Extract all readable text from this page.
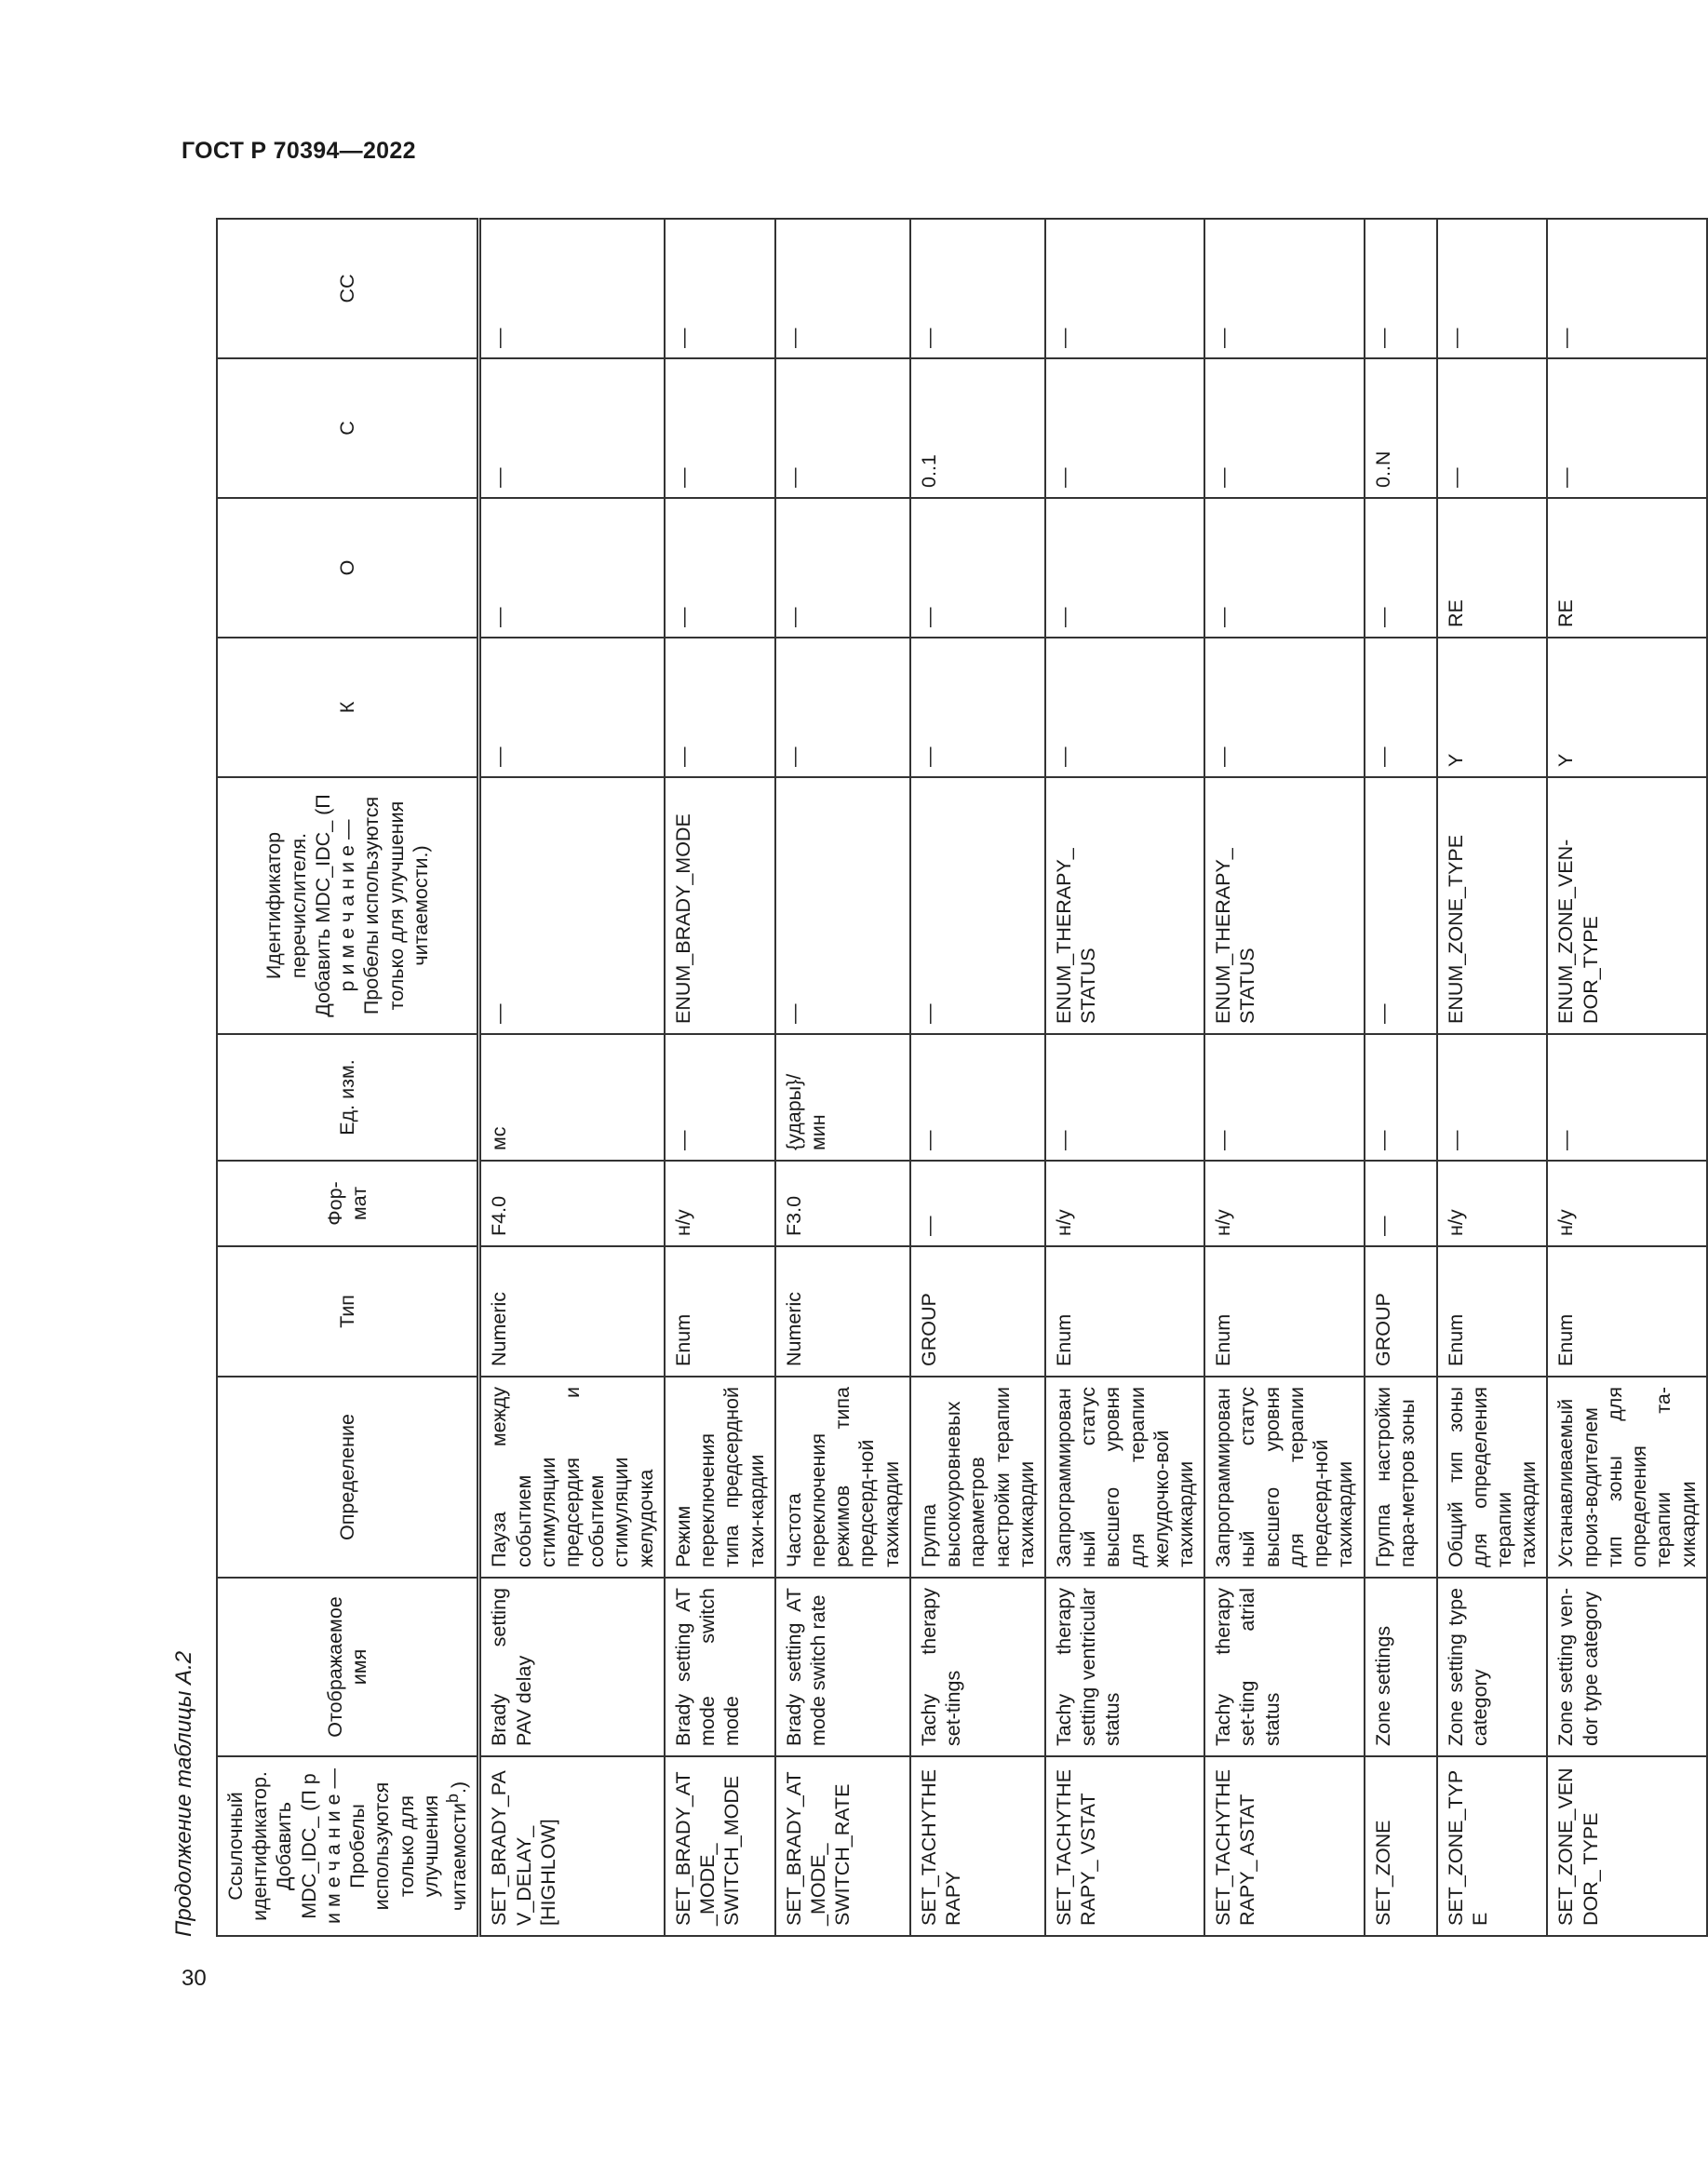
ГОСТ Р 70394—2022
30
Продолжение таблицы А.2 Ссылочный идентификатор. Добавить MDC_IDC_ (П р и м е ч а н и е — Пробелы используются только для улучшения читаемости$^b$.)	Отображаемое имя	Определение	Тип	Фор-мат	Ед. изм.	Идентификатор перечислителя. Добавить MDC_IDC_ (П р и м е ч а н и е — Пробелы используются только для улучшения читаемости.)	К	О	С	СС
SET_BRADY_PAV_DELAY_ [HIGHLOW]	Brady setting PAV delay	Пауза между событием стимуляции предсердия и событием стимуляции желудочка	Numeric	F4.0	мс	—	—	—	—	—
SET_BRADY_AT_MODE_ SWITCH_MODE	Brady setting AT mode switch mode	Режим переключения типа предсердной тахи-кардии	Enum	н/у	—	ENUM_BRADY_MODE	—	—	—	—
SET_BRADY_AT_MODE_ SWITCH_RATE	Brady setting AT mode switch rate	Частота переключения режимов типа предсерд-ной тахикардии	Numeric	F3.0	{удары}/ мин	—	—	—	—	—
SET_TACHYTHERAPY	Tachy therapy set-tings	Группа высокоуровневых параметров настройки терапии тахикардии	GROUP	—	—	—	—	—	0..1	—
SET_TACHYTHERAPY_ VSTAT	Tachy therapy setting ventricular status	Запрограммированный статус высшего уровня для терапии желудочко-вой тахикардии	Enum	н/у	—	ENUM_THERAPY_ STATUS	—	—	—	—
SET_TACHYTHERAPY_ ASTAT	Tachy therapy set-ting atrial status	Запрограммированный статус высшего уровня для терапии предсерд-ной тахикардии	Enum	н/у	—	ENUM_THERAPY_ STATUS	—	—	—	—
SET_ZONE	Zone settings	Группа настройки пара-метров зоны	GROUP	—	—	—	—	—	0..N	—
SET_ZONE_TYPE	Zone setting type category	Общий тип зоны для определения терапии тахикардии	Enum	н/у	—	ENUM_ZONE_TYPE	Y	RE	—	—
SET_ZONE_VENDOR_ TYPE	Zone setting ven-dor type category	Устанавливаемый произ-водителем тип зоны для определения терапии та-хикардии	Enum	н/у	—	ENUM_ZONE_VEN-DOR_TYPE	Y	RE	—	—
